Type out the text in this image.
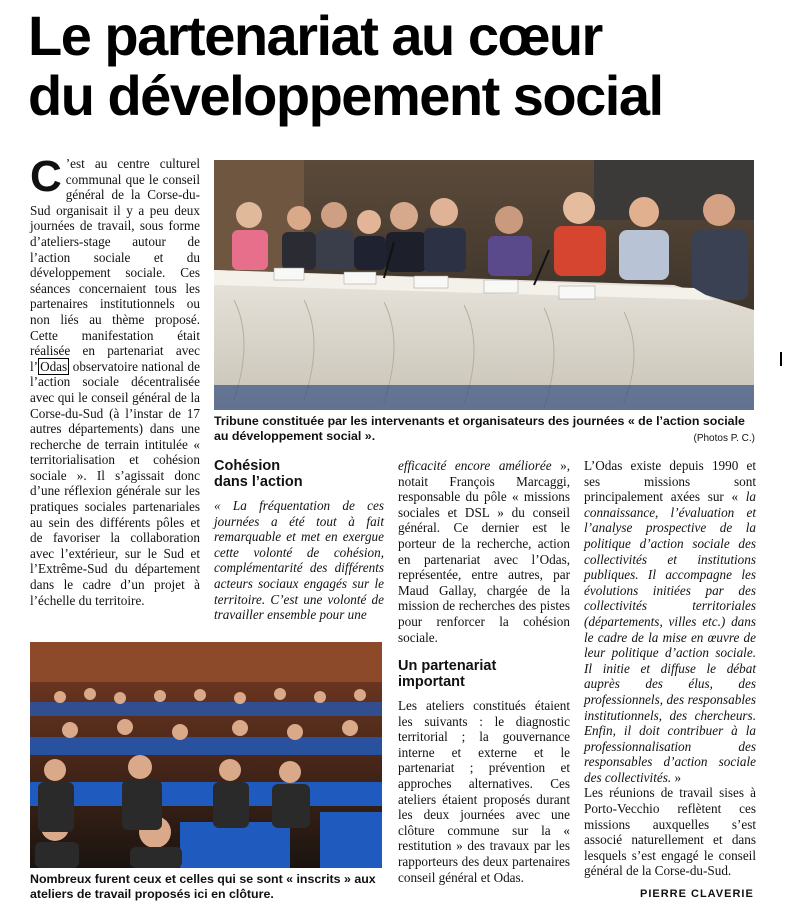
Le partenariat au cœur
du développement social

C ’est au centre culturel communal que le conseil général de la Corse-du-Sud organisait il y a peu deux journées de travail, sous forme d’ateliers-stage autour de l’action sociale et du développement sociale. Ces séances concernaient tous les partenaires institutionnels ou non liés au thème proposé. Cette manifestation était réalisée en partenariat avec l’ Odas observatoire national de l’action sociale décentralisée avec qui le conseil général de la Corse-du-Sud (à l’instar de 17 autres départements) dans une recherche de terrain intitulée « territorialisation et cohésion sociale ». Il s’agissait donc d’une réflexion générale sur les pratiques sociales partenariales au sein des différents pôles et de favoriser la collaboration avec l’extérieur, sur le Sud et l’Extrême-Sud du département dans le cadre d’un projet à l’échelle du territoire.

Tribune constituée par les intervenants et organisateurs des journées « de l’action sociale au développement social ».	(Photos P. C.)
Cohésion
dans l’action

« La fréquentation de ces journées a été tout à fait remarquable et met en exergue cette volonté de cohésion, complémentarité des différents acteurs sociaux engagés sur le territoire. C’est une volonté de travailler ensemble pour une

efficacité encore améliorée », notait François Marcaggi, responsable du pôle « missions sociales et DSL » du conseil général. Ce dernier est le porteur de la recherche, action en partenariat avec l’Odas, représentée, entre autres, par Maud Gallay, chargée de la mission de recherches des pistes pour renforcer la cohésion sociale.

Un partenariat
important

Les ateliers constitués étaient les suivants : le diagnostic territorial ; la gouvernance interne et externe et le partenariat ; prévention et approches alternatives. Ces ateliers étaient proposés durant les deux journées avec une clôture commune sur la « restitution » des travaux par les rapporteurs des deux partenaires conseil général et Odas.

L’Odas existe depuis 1990 et ses missions sont principalement axées sur « la connaissance, l’évaluation et l’analyse prospective de la politique d’action sociale des collectivités et institutions publiques. Il accompagne les évolutions initiées par des collectivités territoriales (départements, villes etc.) dans le cadre de la mise en œuvre de leur politique d’action sociale. Il initie et diffuse le débat auprès des élus, des professionnels, des responsables institutionnels, des chercheurs. Enfin, il doit contribuer à la professionnalisation des responsables d’action sociale des collectivités. »

Les réunions de travail sises à Porto-Vecchio reflètent ces missions auxquelles s’est associé naturellement et dans lesquels s’est engagé le conseil général de la Corse-du-Sud.

Nombreux furent ceux et celles qui se sont « inscrits » aux ateliers de travail proposés ici en clôture.	PIERRE CLAVERIE
